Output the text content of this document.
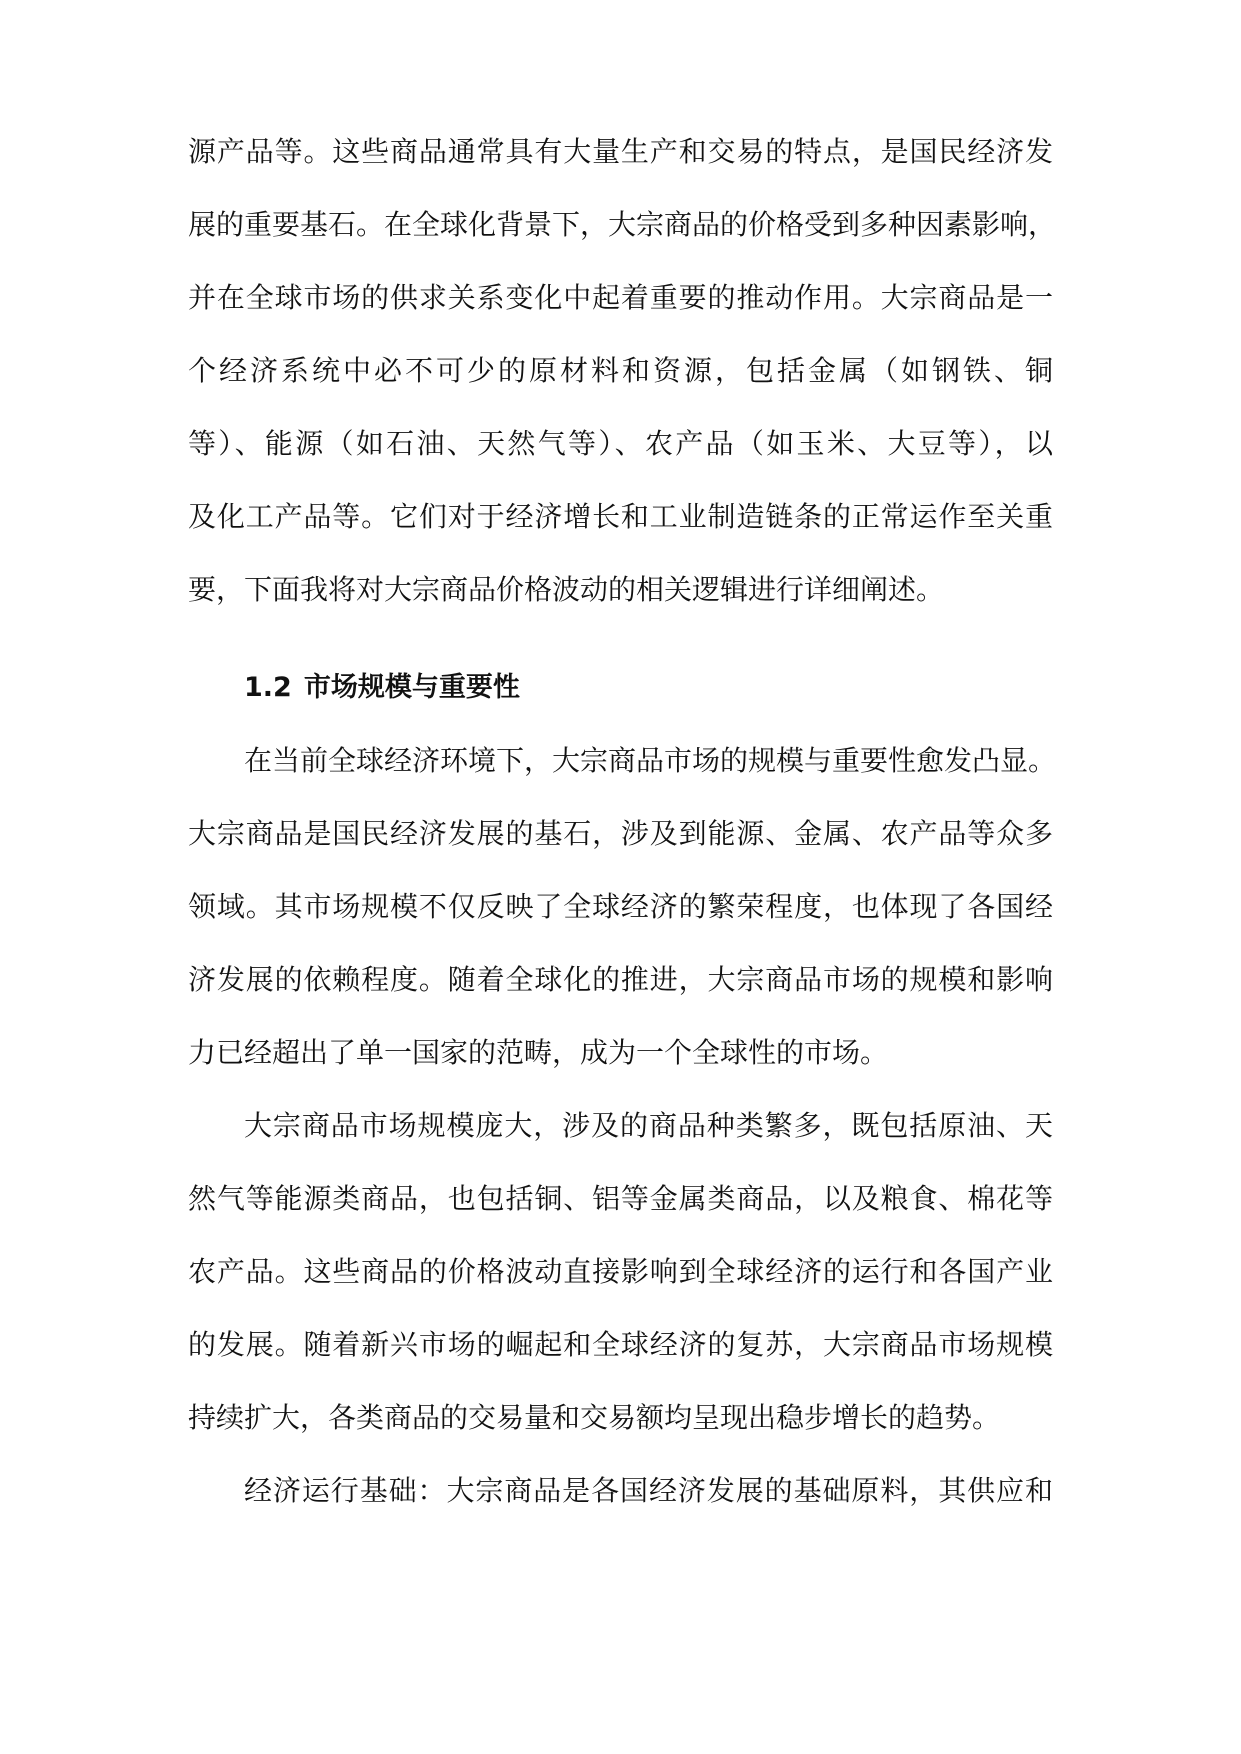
源产品等。这些商品通常具有大量生产和交易的特点，是国民经济发
展的重要基石。在全球化背景下，大宗商品的价格受到多种因素影响，
并在全球市场的供求关系变化中起着重要的推动作用。大宗商品是一
个经济系统中必不可少的原材料和资源，包括金属（如钢铁、铜
等）、能源（如石油、天然气等）、农产品（如玉米、大豆等），以
及化工产品等。它们对于经济增长和工业制造链条的正常运作至关重
要，下面我将对大宗商品价格波动的相关逻辑进行详细阐述。
1.2 市场规模与重要性
在当前全球经济环境下，大宗商品市场的规模与重要性愈发凸显。
大宗商品是国民经济发展的基石，涉及到能源、金属、农产品等众多
领域。其市场规模不仅反映了全球经济的繁荣程度，也体现了各国经
济发展的依赖程度。随着全球化的推进，大宗商品市场的规模和影响
力已经超出了单一国家的范畴，成为一个全球性的市场。
大宗商品市场规模庞大，涉及的商品种类繁多，既包括原油、天
然气等能源类商品，也包括铜、铝等金属类商品，以及粮食、棉花等
农产品。这些商品的价格波动直接影响到全球经济的运行和各国产业
的发展。随着新兴市场的崛起和全球经济的复苏，大宗商品市场规模
持续扩大，各类商品的交易量和交易额均呈现出稳步增长的趋势。
经济运行基础：大宗商品是各国经济发展的基础原料，其供应和
